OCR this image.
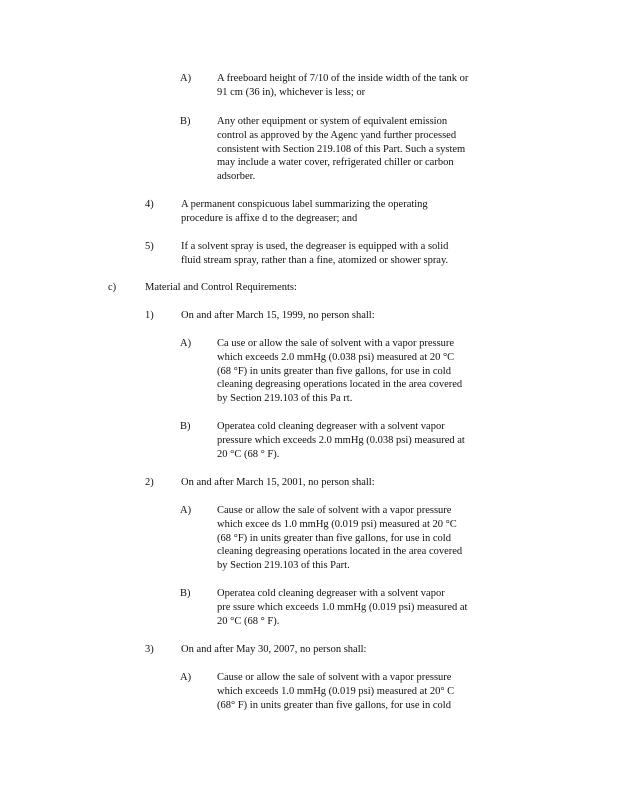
A) A freeboard height of 7/10 of the inside width of the tank or
91 cm (36 in), whichever is less; or
B)	Any other equipment or system of equivalent emission
control as approved by the Agenc yand further processed
consistent with Section 219.108 of this Part. Such a system
may include a water cover, refrigerated chiller or carbon
adsorber.
4)	A permanent conspicuous label summarizing the operating
procedure is affixe d to the degreaser; and
5)	If a solvent spray is used, the degreaser is equipped with a solid
fluid stream spray, rather than a fine, atomized or shower spray.
c)	Material and Control Requirements:
1)	On and after March 15, 1999, no person shall:
A) Ca use or allow the sale of solvent with a vapor pressure
which exceeds 2.0 mmHg (0.038 psi) measured at 20 °C
(68 °F) in units greater than five gallons, for use in cold
cleaning degreasing operations located in the area covered
by Section 219.103 of this Pa rt.
B)	Operatea cold cleaning degreaser with a solvent vapor
pressure which exceeds 2.0 mmHg (0.038 psi) measured at
20 °C (68 ° F).
2)	On and after March 15, 2001, no person shall:
A) Cause or allow the sale of solvent with a vapor pressure
which excee ds 1.0 mmHg (0.019 psi) measured at 20 °C
(68 °F) in units greater than five gallons, for use in cold
cleaning degreasing operations located in the area covered
by Section 219.103 of this Part.
B)	Operatea cold cleaning degreaser with a solvent vapor
pre ssure which exceeds 1.0 mmHg (0.019 psi) measured at
20 °C (68 ° F).
3)	On and after May 30, 2007, no person shall:
A) Cause or allow the sale of solvent with a vapor pressure
which exceeds 1.0 mmHg (0.019 psi) measured at 20° C
(68° F) in units greater than five gallons, for use in cold
